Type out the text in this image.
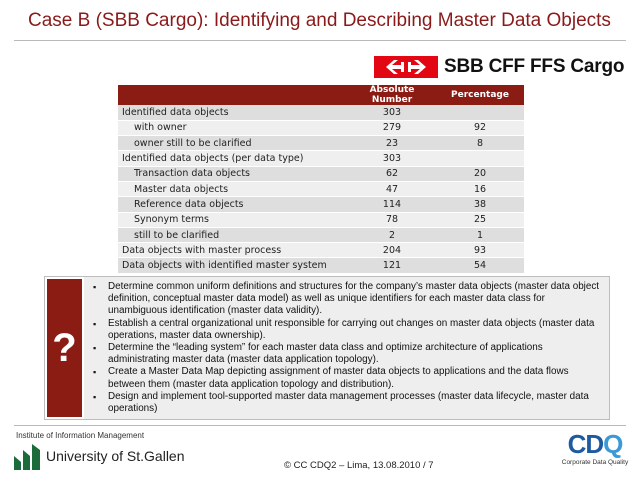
Case B (SBB Cargo): Identifying and Describing Master Data Objects
SBB CFF FFS Cargo
	Absolute Number	Percentage
Identified data objects	303	
with owner	279	92
owner still to be clarified	23	8
Identified data objects (per data type)	303	
Transaction data objects	62	20
Master data objects	47	16
Reference data objects	114	38
Synonym terms	78	25
still to be clarified	2	1
Data objects with master process	204	93
Data objects with identified master system	121	54
?
▪ Determine common uniform definitions and structures for the company’s master data objects (master data object definition, conceptual master data model) as well as unique identifiers for each master data class for unambiguous identification (master data validity).
▪ Establish a central organizational unit responsible for carrying out changes on master data objects (master data operations, master data ownership).
▪ Determine the “leading system” for each master data class and optimize architecture of applications administrating master data (master data application topology).
▪ Create a Master Data Map depicting assignment of master data objects to applications and the data flows between them (master data application topology and distribution).
▪ Design and implement tool-supported master data management processes (master data lifecycle, master data operations)
Institute of Information Management
University of St.Gallen
© CC CDQ2 – Lima, 13.08.2010 / 7
CDQ
Corporate Data Quality
